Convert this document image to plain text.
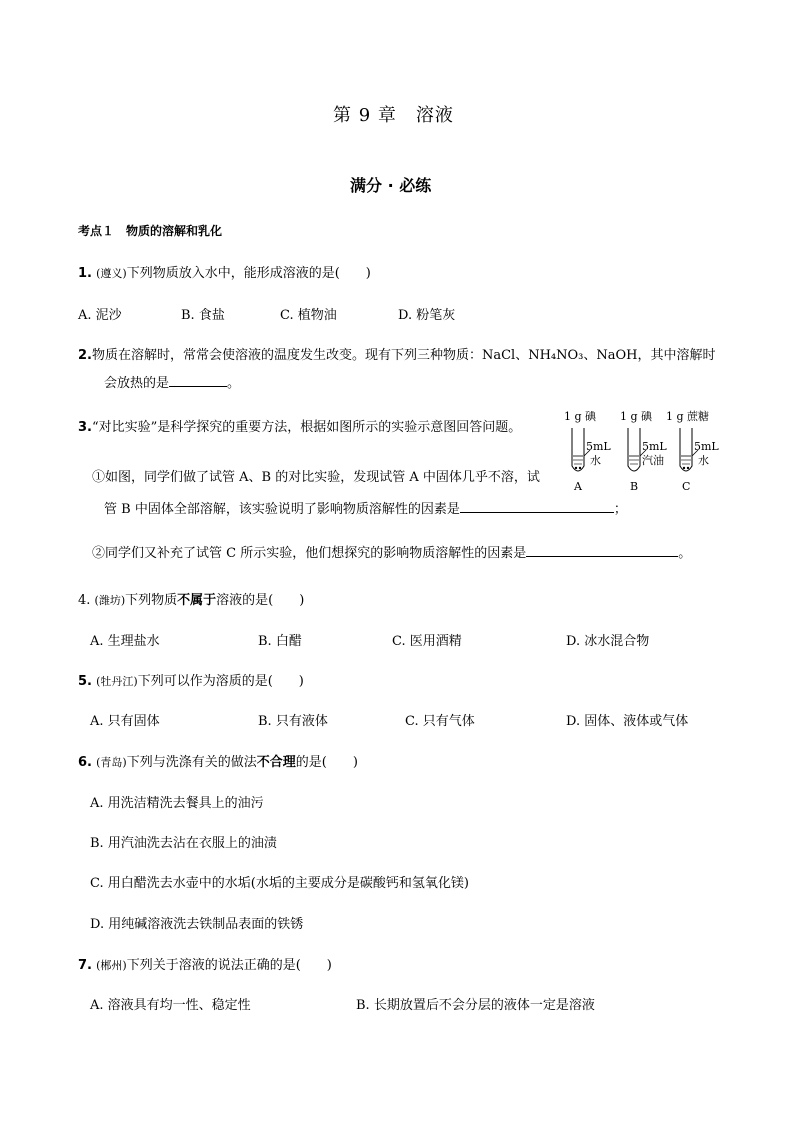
第 9 章　溶液
满分 · 必练
考点１　物质的溶解和乳化
1. (遵义)下列物质放入水中，能形成溶液的是(　　)
A. 泥沙	B. 食盐	C. 植物油	D. 粉笔灰
2.物质在溶解时，常常会使溶液的温度发生改变。现有下列三种物质：NaCl、NH₄NO₃、NaOH，其中溶解时
会放热的是	。
3.“对比实验”是科学探究的重要方法，根据如图所示的实验示意图回答问题。
1 g 碘
5mL
水
A
1 g 碘
5mL
汽油
B
1 g 蔗糖
5mL
水
C
①如图，同学们做了试管 A、B 的对比实验，发现试管 A 中固体几乎不溶，试
管 B 中固体全部溶解，该实验说明了影响物质溶解性的因素是	；
②同学们又补充了试管 C 所示实验，他们想探究的影响物质溶解性的因素是	。
4. (潍坊)下列物质不属于溶液的是(　　)
A. 生理盐水	B. 白醋	C. 医用酒精	D. 冰水混合物
5. (牡丹江)下列可以作为溶质的是(　　)
A. 只有固体	B. 只有液体	C. 只有气体	D. 固体、液体或气体
6. (青岛)下列与洗涤有关的做法不合理的是(　　)
A. 用洗洁精洗去餐具上的油污
B. 用汽油洗去沾在衣服上的油渍
C. 用白醋洗去水壶中的水垢(水垢的主要成分是碳酸钙和氢氧化镁)
D. 用纯碱溶液洗去铁制品表面的铁锈
7. (郴州)下列关于溶液的说法正确的是(　　)
A. 溶液具有均一性、稳定性	B. 长期放置后不会分层的液体一定是溶液
